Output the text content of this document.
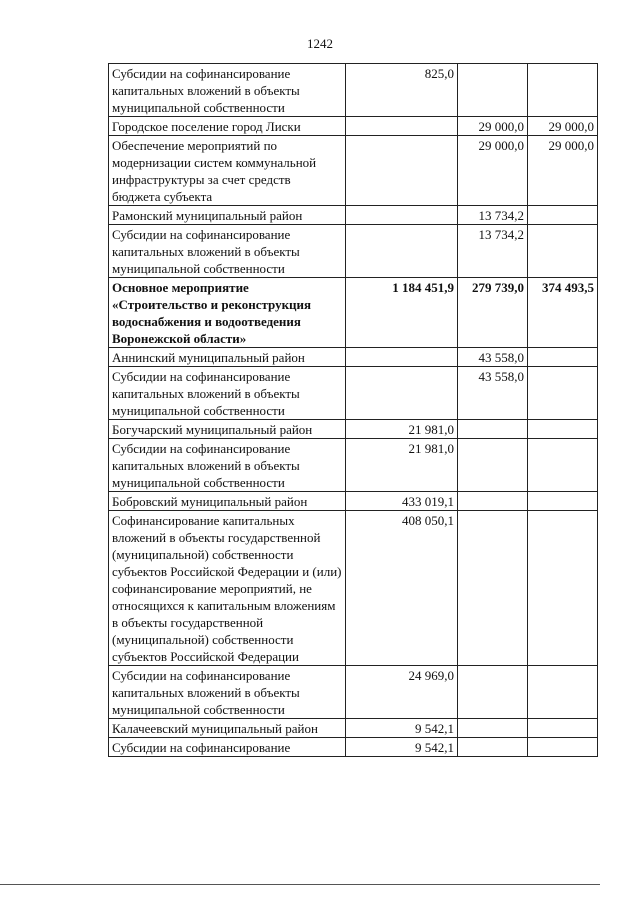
1242
Субсидии на софинансирование капитальных вложений в объекты муниципальной собственности	825,0		
Городское поселение город Лиски		29 000,0	29 000,0
Обеспечение мероприятий по модернизации систем коммунальной инфраструктуры за счет средств бюджета субъекта		29 000,0	29 000,0
Рамонский муниципальный район		13 734,2	
Субсидии на софинансирование капитальных вложений в объекты муниципальной собственности		13 734,2	
Основное мероприятие «Строительство и реконструкция водоснабжения и водоотведения Воронежской области»	1 184 451,9	279 739,0	374 493,5
Аннинский муниципальный район		43 558,0	
Субсидии на софинансирование капитальных вложений в объекты муниципальной собственности		43 558,0	
Богучарский муниципальный район	21 981,0		
Субсидии на софинансирование капитальных вложений в объекты муниципальной собственности	21 981,0		
Бобровский муниципальный район	433 019,1		
Софинансирование капитальных вложений в объекты государственной (муниципальной) собственности субъектов Российской Федерации и (или) софинансирование мероприятий, не относящихся к капитальным вложениям в объекты государственной (муниципальной) собственности субъектов Российской Федерации	408 050,1		
Субсидии на софинансирование капитальных вложений в объекты муниципальной собственности	24 969,0		
Калачеевский муниципальный район	9 542,1		
Субсидии на софинансирование	9 542,1		
